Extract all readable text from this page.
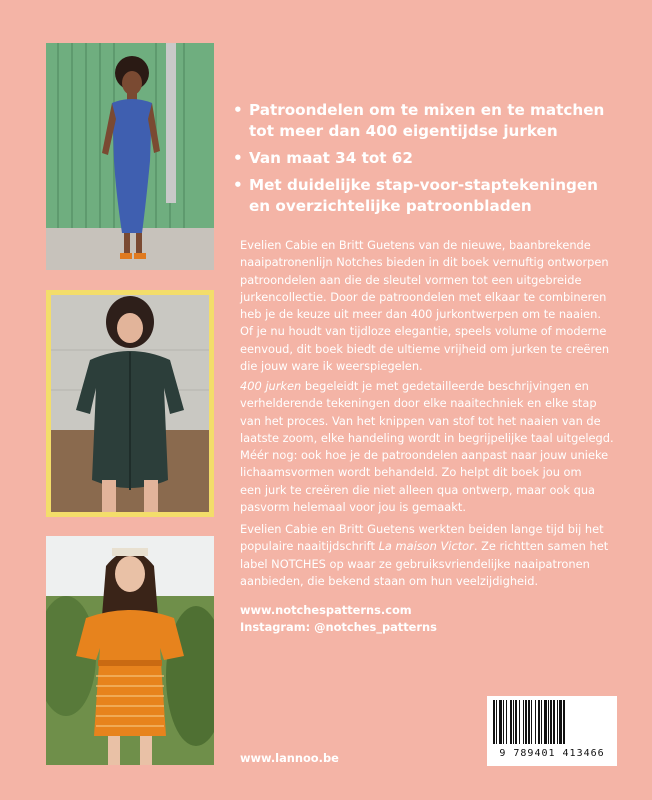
• Patroondelen om te mixen en te matchen
tot meer dan 400 eigentijdse jurken
• Van maat 34 tot 62
• Met duidelijke stap-voor-staptekeningen
en overzichtelijke patroonbladen

Evelien Cabie en Britt Guetens van de nieuwe, baanbrekende
naaipatronenlijn Notches bieden in dit boek vernuftig ontworpen
patroondelen aan die de sleutel vormen tot een uitgebreide
jurkencollectie. Door de patroondelen met elkaar te combineren
heb je de keuze uit meer dan 400 jurkontwerpen om te naaien.
Of je nu houdt van tijdloze elegantie, speels volume of moderne
eenvoud, dit boek biedt de ultieme vrijheid om jurken te creëren
die jouw ware ik weerspiegelen.

400 jurken begeleidt je met gedetailleerde beschrijvingen en
verhelderende tekeningen door elke naaitechniek en elke stap
van het proces. Van het knippen van stof tot het naaien van de
laatste zoom, elke handeling wordt in begrijpelijke taal uitgelegd.
Méér nog: ook hoe je de patroondelen aanpast naar jouw unieke
lichaamsvormen wordt behandeld. Zo helpt dit boek jou om
een jurk te creëren die niet alleen qua ontwerp, maar ook qua
pasvorm helemaal voor jou is gemaakt.

Evelien Cabie en Britt Guetens werkten beiden lange tijd bij het
populaire naaitijdschrift La maison Victor. Ze richtten samen het
label NOTCHES op waar ze gebruiksvriendelijke naaipatronen
aanbieden, die bekend staan om hun veelzijdigheid.

www.notchespatterns.com
Instagram: @notches_patterns
www.lannoo.be	9 789401 413466
